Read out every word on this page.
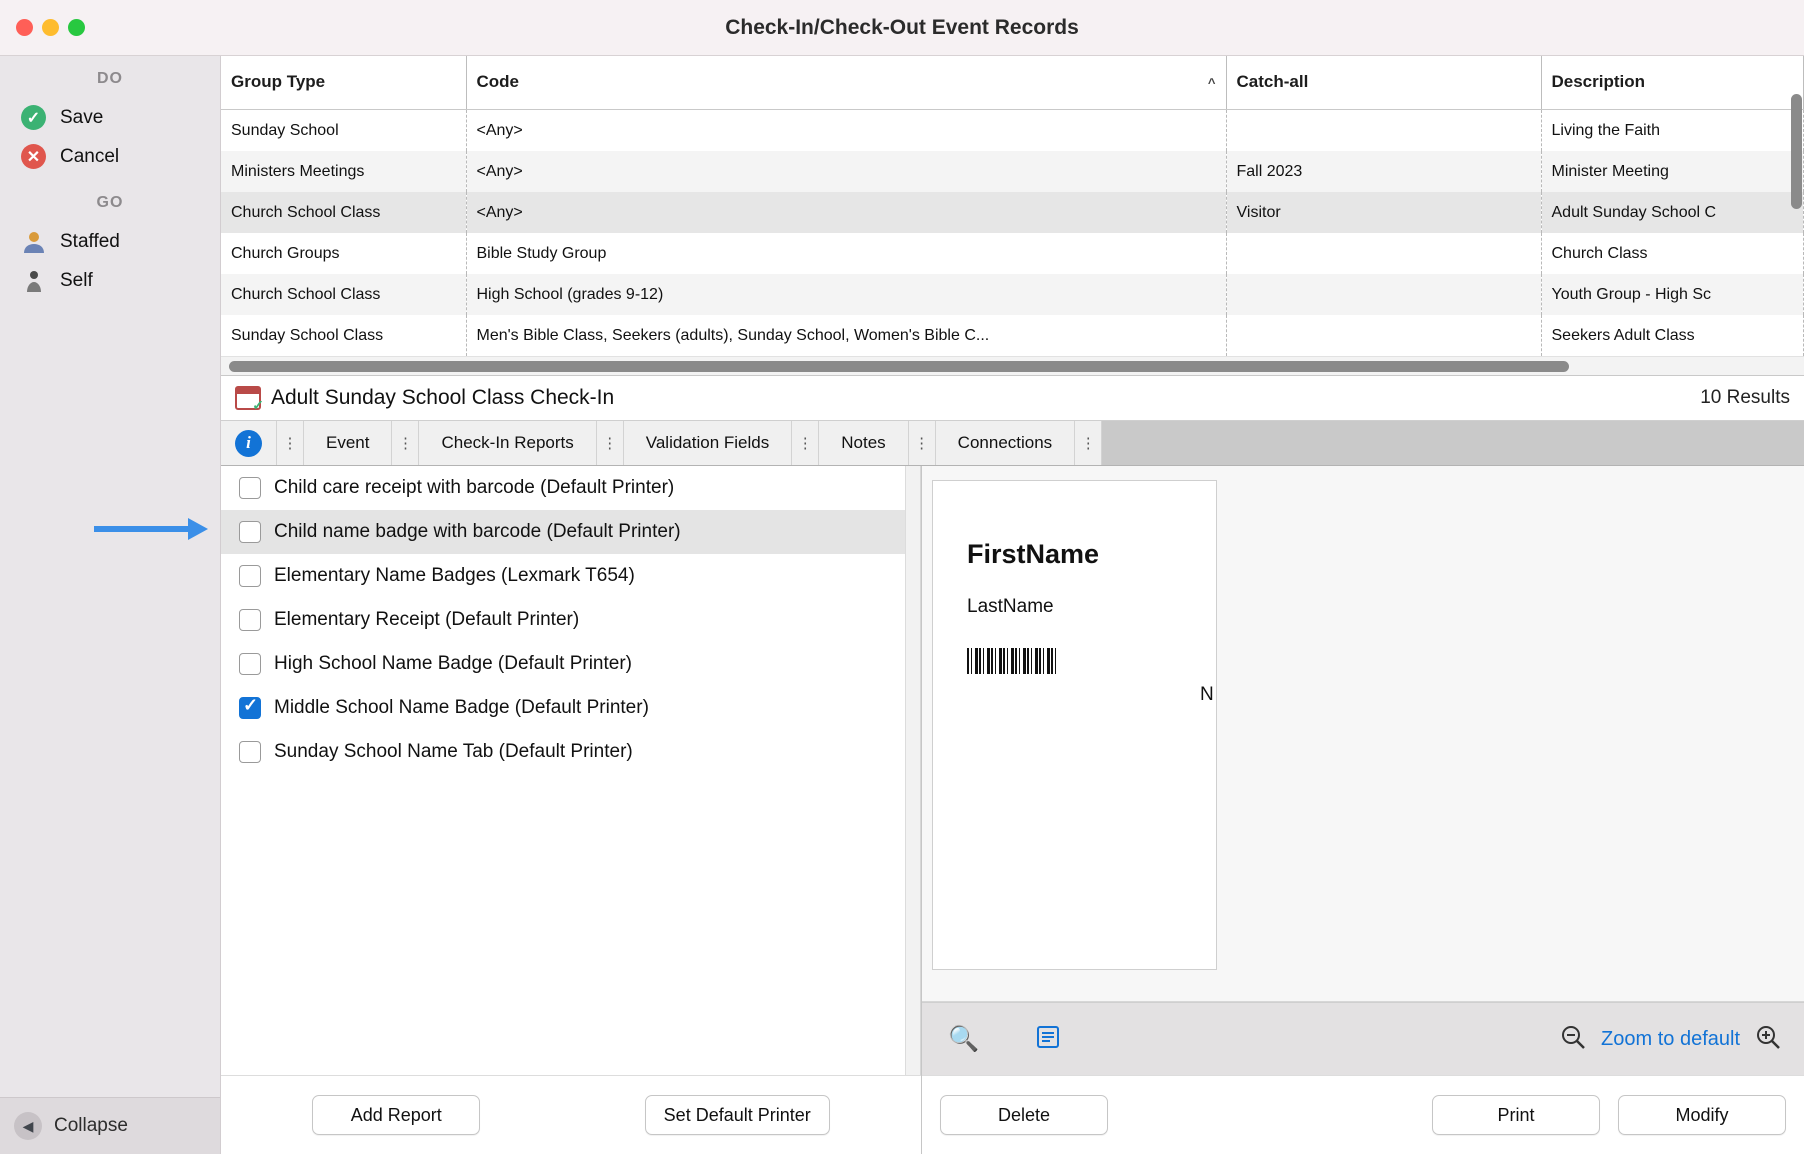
Check-In/Check-Out Event Records
DO
✓	Save
✕	Cancel
GO
Staffed
Self
◀	Collapse
Group Type	Code ^	Catch-all	Description
Sunday School	<Any>		Living the Faith
Ministers Meetings	<Any>	Fall 2023	Minister Meeting
Church School Class	<Any>	Visitor	Adult Sunday School C
Church Groups	Bible Study Group		Church Class
Church School Class	High School (grades 9-12)		Youth Group - High Sc
Sunday School Class	Men's Bible Class, Seekers (adults), Sunday School, Women's Bible C...		Seekers Adult Class
✓
Adult Sunday School Class Check-In	10 Results
i	⋮	Event	⋮	Check-In Reports	⋮	Validation Fields	⋮	Notes	⋮	Connections	⋮
Child care receipt with barcode (Default Printer)
Child name badge with barcode (Default Printer)
Elementary Name Badges (Lexmark T654)
Elementary Receipt (Default Printer)
High School Name Badge (Default Printer)
✓
Middle School Name Badge (Default Printer)
Sunday School Name Tab (Default Printer)
Add Report	Set Default Printer
FirstName
LastName
N
🔍	Zoom to default
Delete	Print	Modify
